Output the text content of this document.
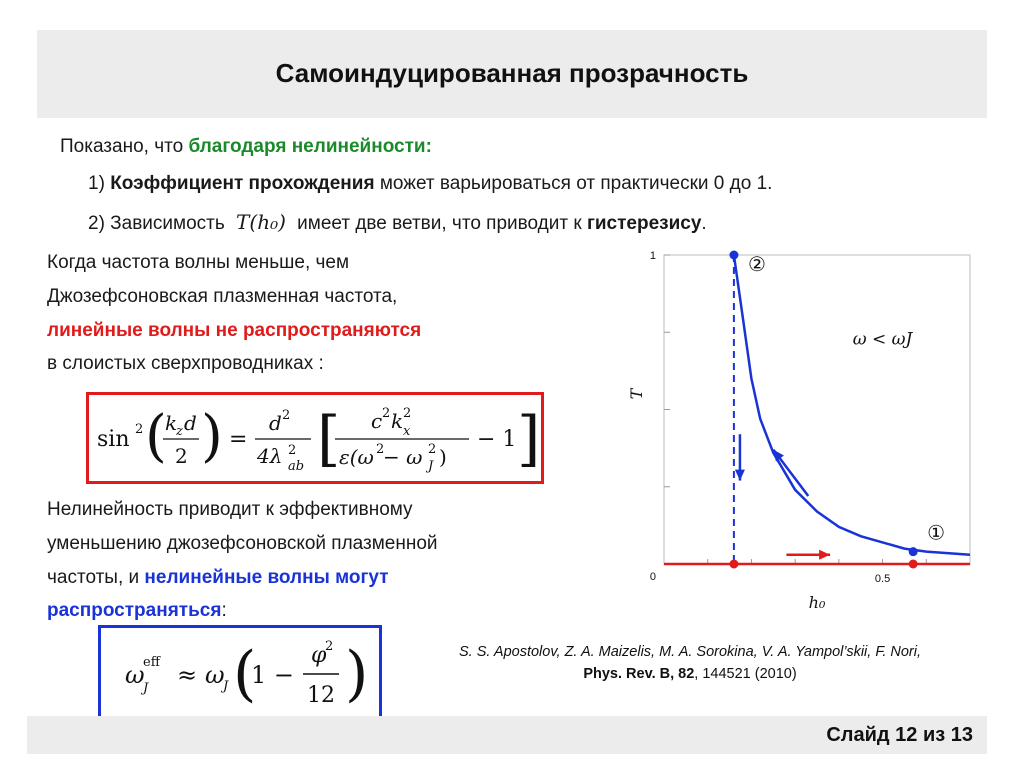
Самоиндуцированная прозрачность
Показано, что благодаря нелинейности:
1) Коэффициент прохождения может варьироваться от практически 0 до 1.
2) Зависимость T(h₀) имеет две ветви, что приводит к гистерезису.
Когда частота волны меньше, чем
Джозефсоновская плазменная частота,
линейные волны не распространяются
в слоистых сверхпроводниках :
sin 2 (
k
z d
2 ) =
d 2
4λ 2
ab [ c 2 k 2
x
ε(ω 2
− ω 2
J )
− 1 ]
Нелинейность приводит к эффективному
уменьшению джозефсоновской плазменной
частоты, и нелинейные волны могут
распространяться:
ω
eff
J ≈ ω
J (
1 −
φ
2
12 )
1
0	0.5
h₀
T
ω < ωJ
②
①
S. S. Apostolov, Z. A. Maizelis, M. A. Sorokina, V. A. Yampol’skii, F. Nori,
Phys. Rev. B, 82, 144521 (2010)
Слайд 12 из 13
